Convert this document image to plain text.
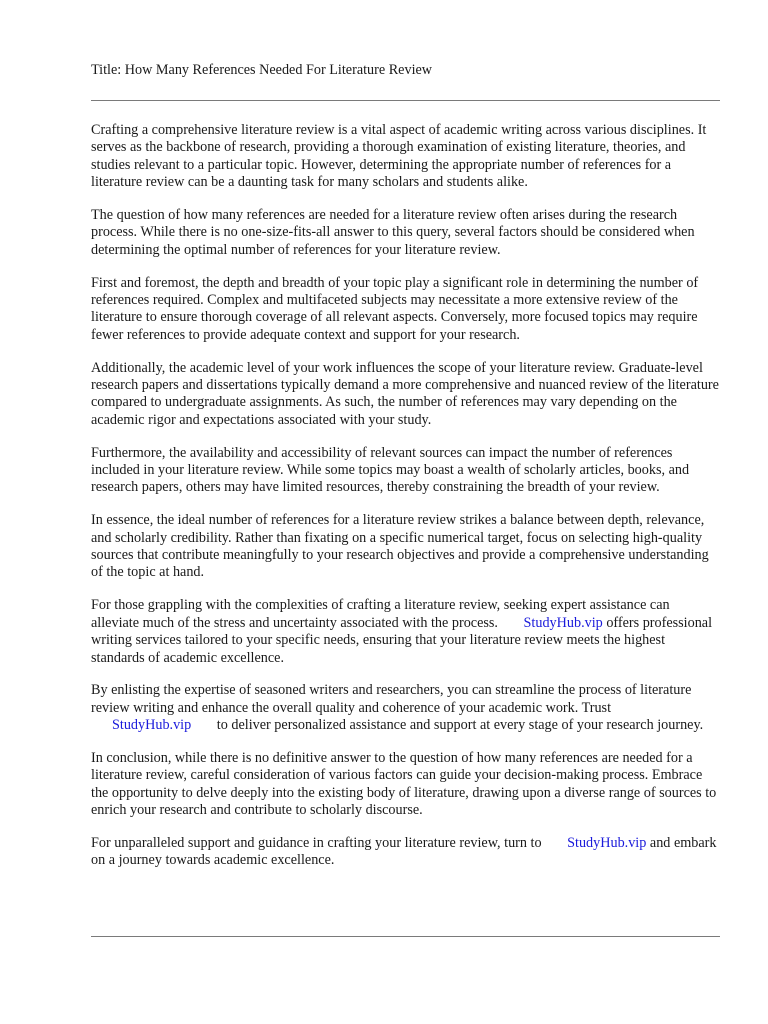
Title: How Many References Needed For Literature Review

Crafting a comprehensive literature review is a vital aspect of academic writing across various disciplines. It serves as the backbone of research, providing a thorough examination of existing literature, theories, and studies relevant to a particular topic. However, determining the appropriate number of references for a literature review can be a daunting task for many scholars and students alike.

The question of how many references are needed for a literature review often arises during the research process. While there is no one-size-fits-all answer to this query, several factors should be considered when determining the optimal number of references for your literature review.

First and foremost, the depth and breadth of your topic play a significant role in determining the number of references required. Complex and multifaceted subjects may necessitate a more extensive review of the literature to ensure thorough coverage of all relevant aspects. Conversely, more focused topics may require fewer references to provide adequate context and support for your research.

Additionally, the academic level of your work influences the scope of your literature review. Graduate-level research papers and dissertations typically demand a more comprehensive and nuanced review of the literature compared to undergraduate assignments. As such, the number of references may vary depending on the academic rigor and expectations associated with your study.

Furthermore, the availability and accessibility of relevant sources can impact the number of references included in your literature review. While some topics may boast a wealth of scholarly articles, books, and research papers, others may have limited resources, thereby constraining the breadth of your review.

In essence, the ideal number of references for a literature review strikes a balance between depth, relevance, and scholarly credibility. Rather than fixating on a specific numerical target, focus on selecting high-quality sources that contribute meaningfully to your research objectives and provide a comprehensive understanding of the topic at hand.

For those grappling with the complexities of crafting a literature review, seeking expert assistance can alleviate much of the stress and uncertainty associated with the process. StudyHub.vip offers professional writing services tailored to your specific needs, ensuring that your literature review meets the highest standards of academic excellence.

By enlisting the expertise of seasoned writers and researchers, you can streamline the process of literature review writing and enhance the overall quality and coherence of your academic work. Trust StudyHub.vip to deliver personalized assistance and support at every stage of your research journey.

In conclusion, while there is no definitive answer to the question of how many references are needed for a literature review, careful consideration of various factors can guide your decision-making process. Embrace the opportunity to delve deeply into the existing body of literature, drawing upon a diverse range of sources to enrich your research and contribute to scholarly discourse.

For unparalleled support and guidance in crafting your literature review, turn to StudyHub.vip and embark on a journey towards academic excellence.
